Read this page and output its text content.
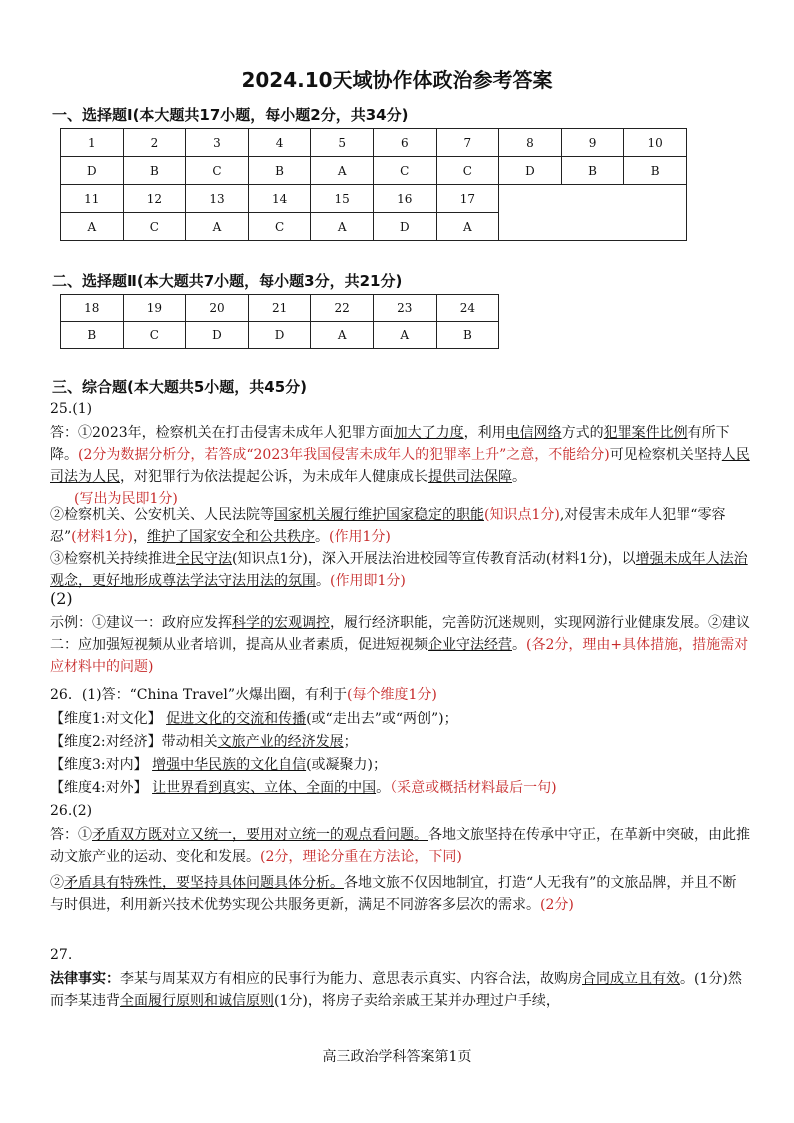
2024.10天域协作体政治参考答案
一、选择题Ⅰ(本大题共17小题，每小题2分，共34分)
1	2	3	4	5	6	7	8	9	10
D	B	C	B	A	C	C	D	B	B
11	12	13	14	15	16	17			
A	C	A	C	A	D	A			
二、选择题Ⅱ(本大题共7小题，每小题3分，共21分)
18	19	20	21	22	23	24
B	C	D	D	A	A	B
三、综合题(本大题共5小题，共45分)
25.(1)
答：①2023年，检察机关在打击侵害未成年人犯罪方面加大了力度，利用电信网络方式的犯罪案件比例有所下降。(2分为数据分析分，若答成“2023年我国侵害未成年人的犯罪率上升”之意，不能给分)可见检察机关坚持人民司法为人民，对犯罪行为依法提起公诉，为未成年人健康成长提供司法保障。
(写出为民即1分)
②检察机关、公安机关、人民法院等国家机关履行维护国家稳定的职能(知识点1分),对侵害未成年人犯罪“零容忍”(材料1分)，维护了国家安全和公共秩序。(作用1分)
③检察机关持续推进全民守法(知识点1分)，深入开展法治进校园等宣传教育活动(材料1分)，以增强未成年人法治观念，更好地形成尊法学法守法用法的氛围。(作用即1分)
(2)
示例：①建议一：政府应发挥科学的宏观调控，履行经济职能，完善防沉迷规则，实现网游行业健康发展。②建议二：应加强短视频从业者培训，提高从业者素质，促进短视频企业守法经营。(各2分，理由+具体措施，措施需对应材料中的问题)
26．(1)答：“China Travel”火爆出圈，有利于(每个维度1分)
【维度1:对文化】 促进文化的交流和传播(或“走出去”或“两创”)；
【维度2:对经济】带动相关文旅产业的经济发展；
【维度3:对内】 增强中华民族的文化自信(或凝聚力)；
【维度4:对外】 让世界看到真实、立体、全面的中国。（采意或概括材料最后一句)
26.(2)
答：①矛盾双方既对立又统一，要用对立统一的观点看问题。各地文旅坚持在传承中守正，在革新中突破，由此推动文旅产业的运动、变化和发展。(2分，理论分重在方法论，下同)
②矛盾具有特殊性，要坚持具体问题具体分析。各地文旅不仅因地制宜，打造“人无我有”的文旅品牌，并且不断与时俱进，利用新兴技术优势实现公共服务更新，满足不同游客多层次的需求。(2分)
27.
法律事实：李某与周某双方有相应的民事行为能力、意思表示真实、内容合法，故购房合同成立且有效。(1分)然而李某违背全面履行原则和诚信原则(1分)，将房子卖给亲戚王某并办理过户手续，
高三政治学科答案第1页
